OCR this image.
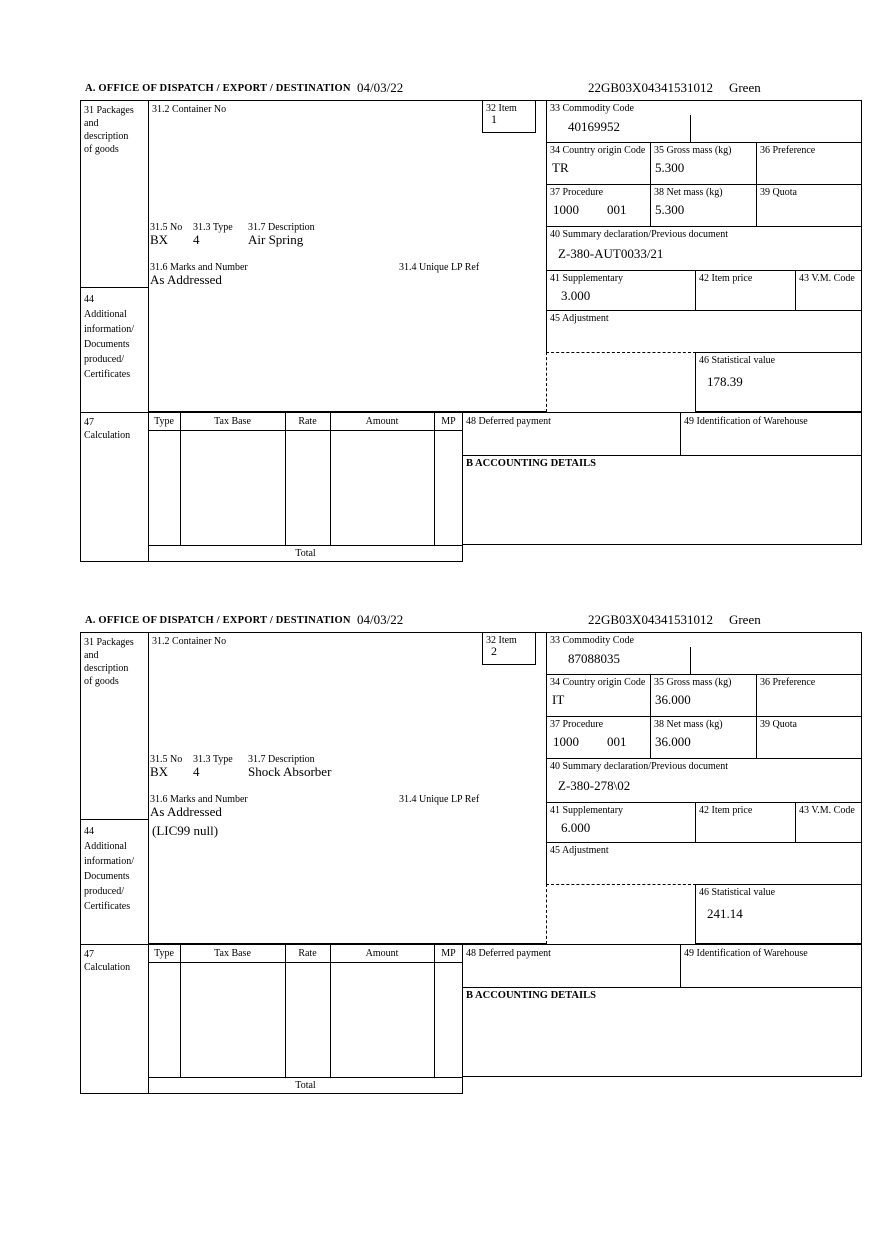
A. OFFICE OF DISPATCH / EXPORT / DESTINATION 04/03/22	22GB03X04341531012 Green
31 Packages
and
description
of goods
44
Additional
information/
Documents
produced/
Certificates
47
Calculation
31.2 Container No	32 Item
1
31.5 No 31.3 Type 31.7 Description
BX 4	Air Spring
31.6 Marks and Number	31.4 Unique LP Ref
As Addressed
33 Commodity Code
40169952
34 Country origin Code
TR
35 Gross mass (kg)
5.300
36 Preference
37 Procedure
1000 001
38 Net mass (kg)
5.300
39 Quota
40 Summary declaration/Previous document
Z-380-AUT0033/21
41 Supplementary
3.000
42 Item price	43 V.M. Code
45 Adjustment
46 Statistical value
178.39
Type	Tax Base	Rate	Amount	MP
Total
48 Deferred payment	49 Identification of Warehouse
B ACCOUNTING DETAILS
A. OFFICE OF DISPATCH / EXPORT / DESTINATION 04/03/22	22GB03X04341531012 Green
31 Packages
and
description
of goods
44
Additional
information/
Documents
produced/
Certificates
47
Calculation
31.2 Container No	32 Item
2
31.5 No 31.3 Type 31.7 Description
BX 4	Shock Absorber
31.6 Marks and Number	31.4 Unique LP Ref
As Addressed
(LIC99 null)
33 Commodity Code
87088035
34 Country origin Code
IT
35 Gross mass (kg)
36.000
36 Preference
37 Procedure
1000 001
38 Net mass (kg)
36.000
39 Quota
40 Summary declaration/Previous document
Z-380-278\02
41 Supplementary
6.000
42 Item price	43 V.M. Code
45 Adjustment
46 Statistical value
241.14
Type	Tax Base	Rate	Amount	MP
Total
48 Deferred payment	49 Identification of Warehouse
B ACCOUNTING DETAILS
